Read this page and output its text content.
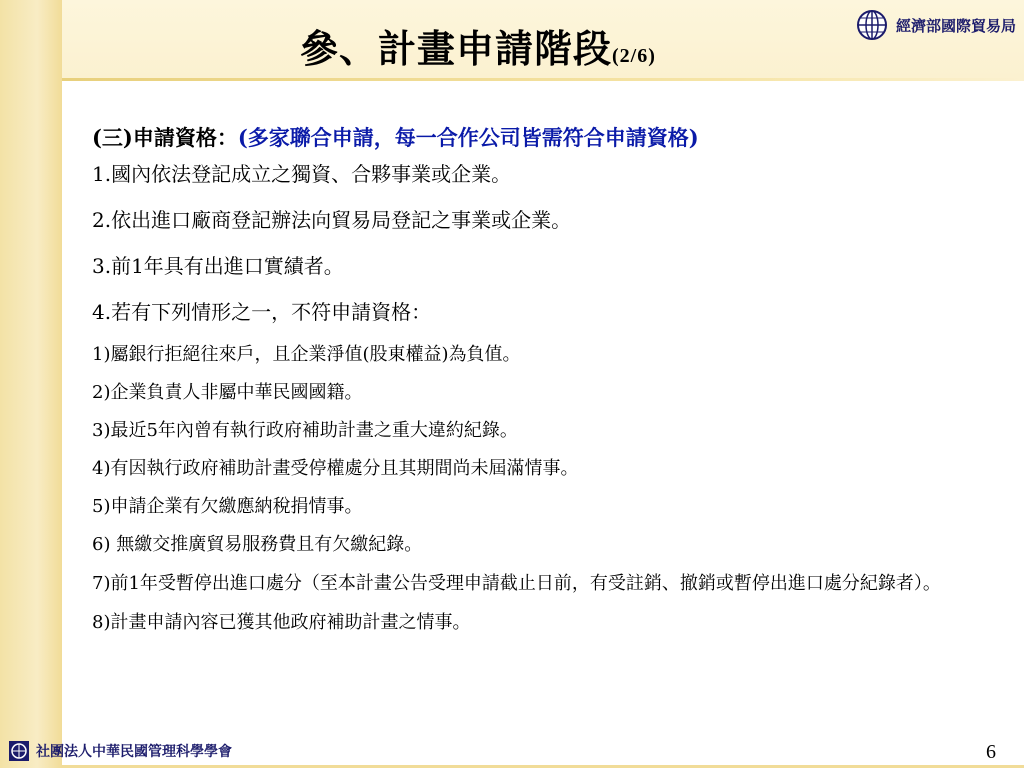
參、計畫申請階段(2/6)
經濟部國際貿易局
(三)申請資格：(多家聯合申請，每一合作公司皆需符合申請資格)
1.國內依法登記成立之獨資、合夥事業或企業。
2.依出進口廠商登記辦法向貿易局登記之事業或企業。
3.前1年具有出進口實績者。
4.若有下列情形之一，不符申請資格：
1)屬銀行拒絕往來戶，且企業淨值(股東權益)為負值。
2)企業負責人非屬中華民國國籍。
3)最近5年內曾有執行政府補助計畫之重大違約紀錄。
4)有因執行政府補助計畫受停權處分且其期間尚未屆滿情事。
5)申請企業有欠繳應納稅捐情事。
6) 無繳交推廣貿易服務費且有欠繳紀錄。
7)前1年受暫停出進口處分（至本計畫公告受理申請截止日前，有受註銷、撤銷或暫停出進口處分紀錄者）。
8)計畫申請內容已獲其他政府補助計畫之情事。
社團法人中華民國管理科學學會	6
